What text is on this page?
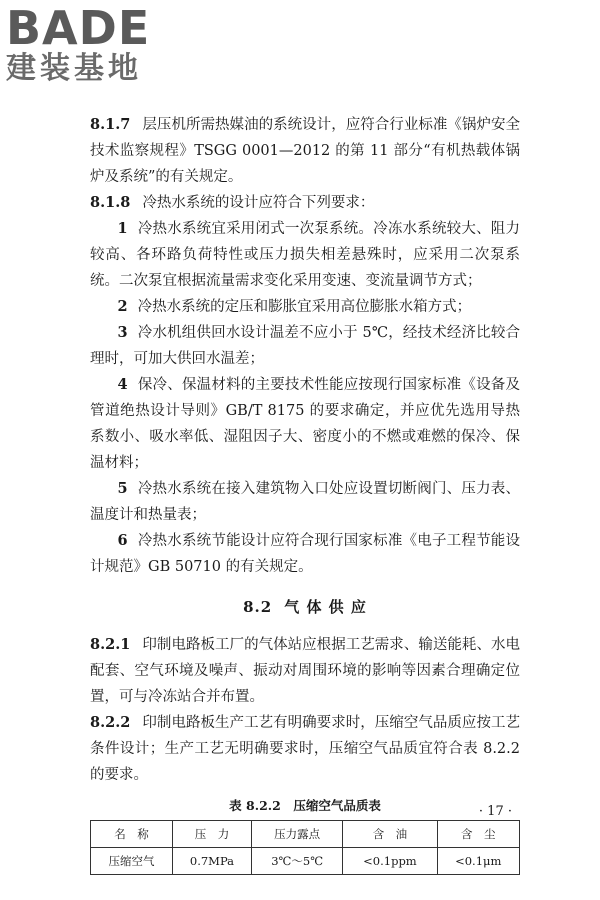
BADE
建装基地

8.1.7 层压机所需热媒油的系统设计，应符合行业标准《锅炉安全技术监察规程》TSGG 0001—2012 的第 11 部分“有机热载体锅炉及系统”的有关规定。

8.1.8 冷热水系统的设计应符合下列要求：

1 冷热水系统宜采用闭式一次泵系统。冷冻水系统较大、阻力较高、各环路负荷特性或压力损失相差悬殊时，应采用二次泵系统。二次泵宜根据流量需求变化采用变速、变流量调节方式；

2 冷热水系统的定压和膨胀宜采用高位膨胀水箱方式；

3 冷水机组供回水设计温差不应小于 5℃，经技术经济比较合理时，可加大供回水温差；

4 保冷、保温材料的主要技术性能应按现行国家标准《设备及管道绝热设计导则》GB/T 8175 的要求确定，并应优先选用导热系数小、吸水率低、湿阻因子大、密度小的不燃或难燃的保冷、保温材料；

5 冷热水系统在接入建筑物入口处应设置切断阀门、压力表、温度计和热量表；

6 冷热水系统节能设计应符合现行国家标准《电子工程节能设计规范》GB 50710 的有关规定。

8.2 气 体 供 应

8.2.1 印制电路板工厂的气体站应根据工艺需求、输送能耗、水电配套、空气环境及噪声、振动对周围环境的影响等因素合理确定位置，可与冷冻站合并布置。

8.2.2 印制电路板生产工艺有明确要求时，压缩空气品质应按工艺条件设计；生产工艺无明确要求时，压缩空气品质宜符合表 8.2.2 的要求。

表 8.2.2　压缩空气品质表
名　称	压　力	压力露点	含　油	含　尘
压缩空气	0.7MPa	3℃～5℃	<0.1ppm	<0.1μm
· 17 ·
